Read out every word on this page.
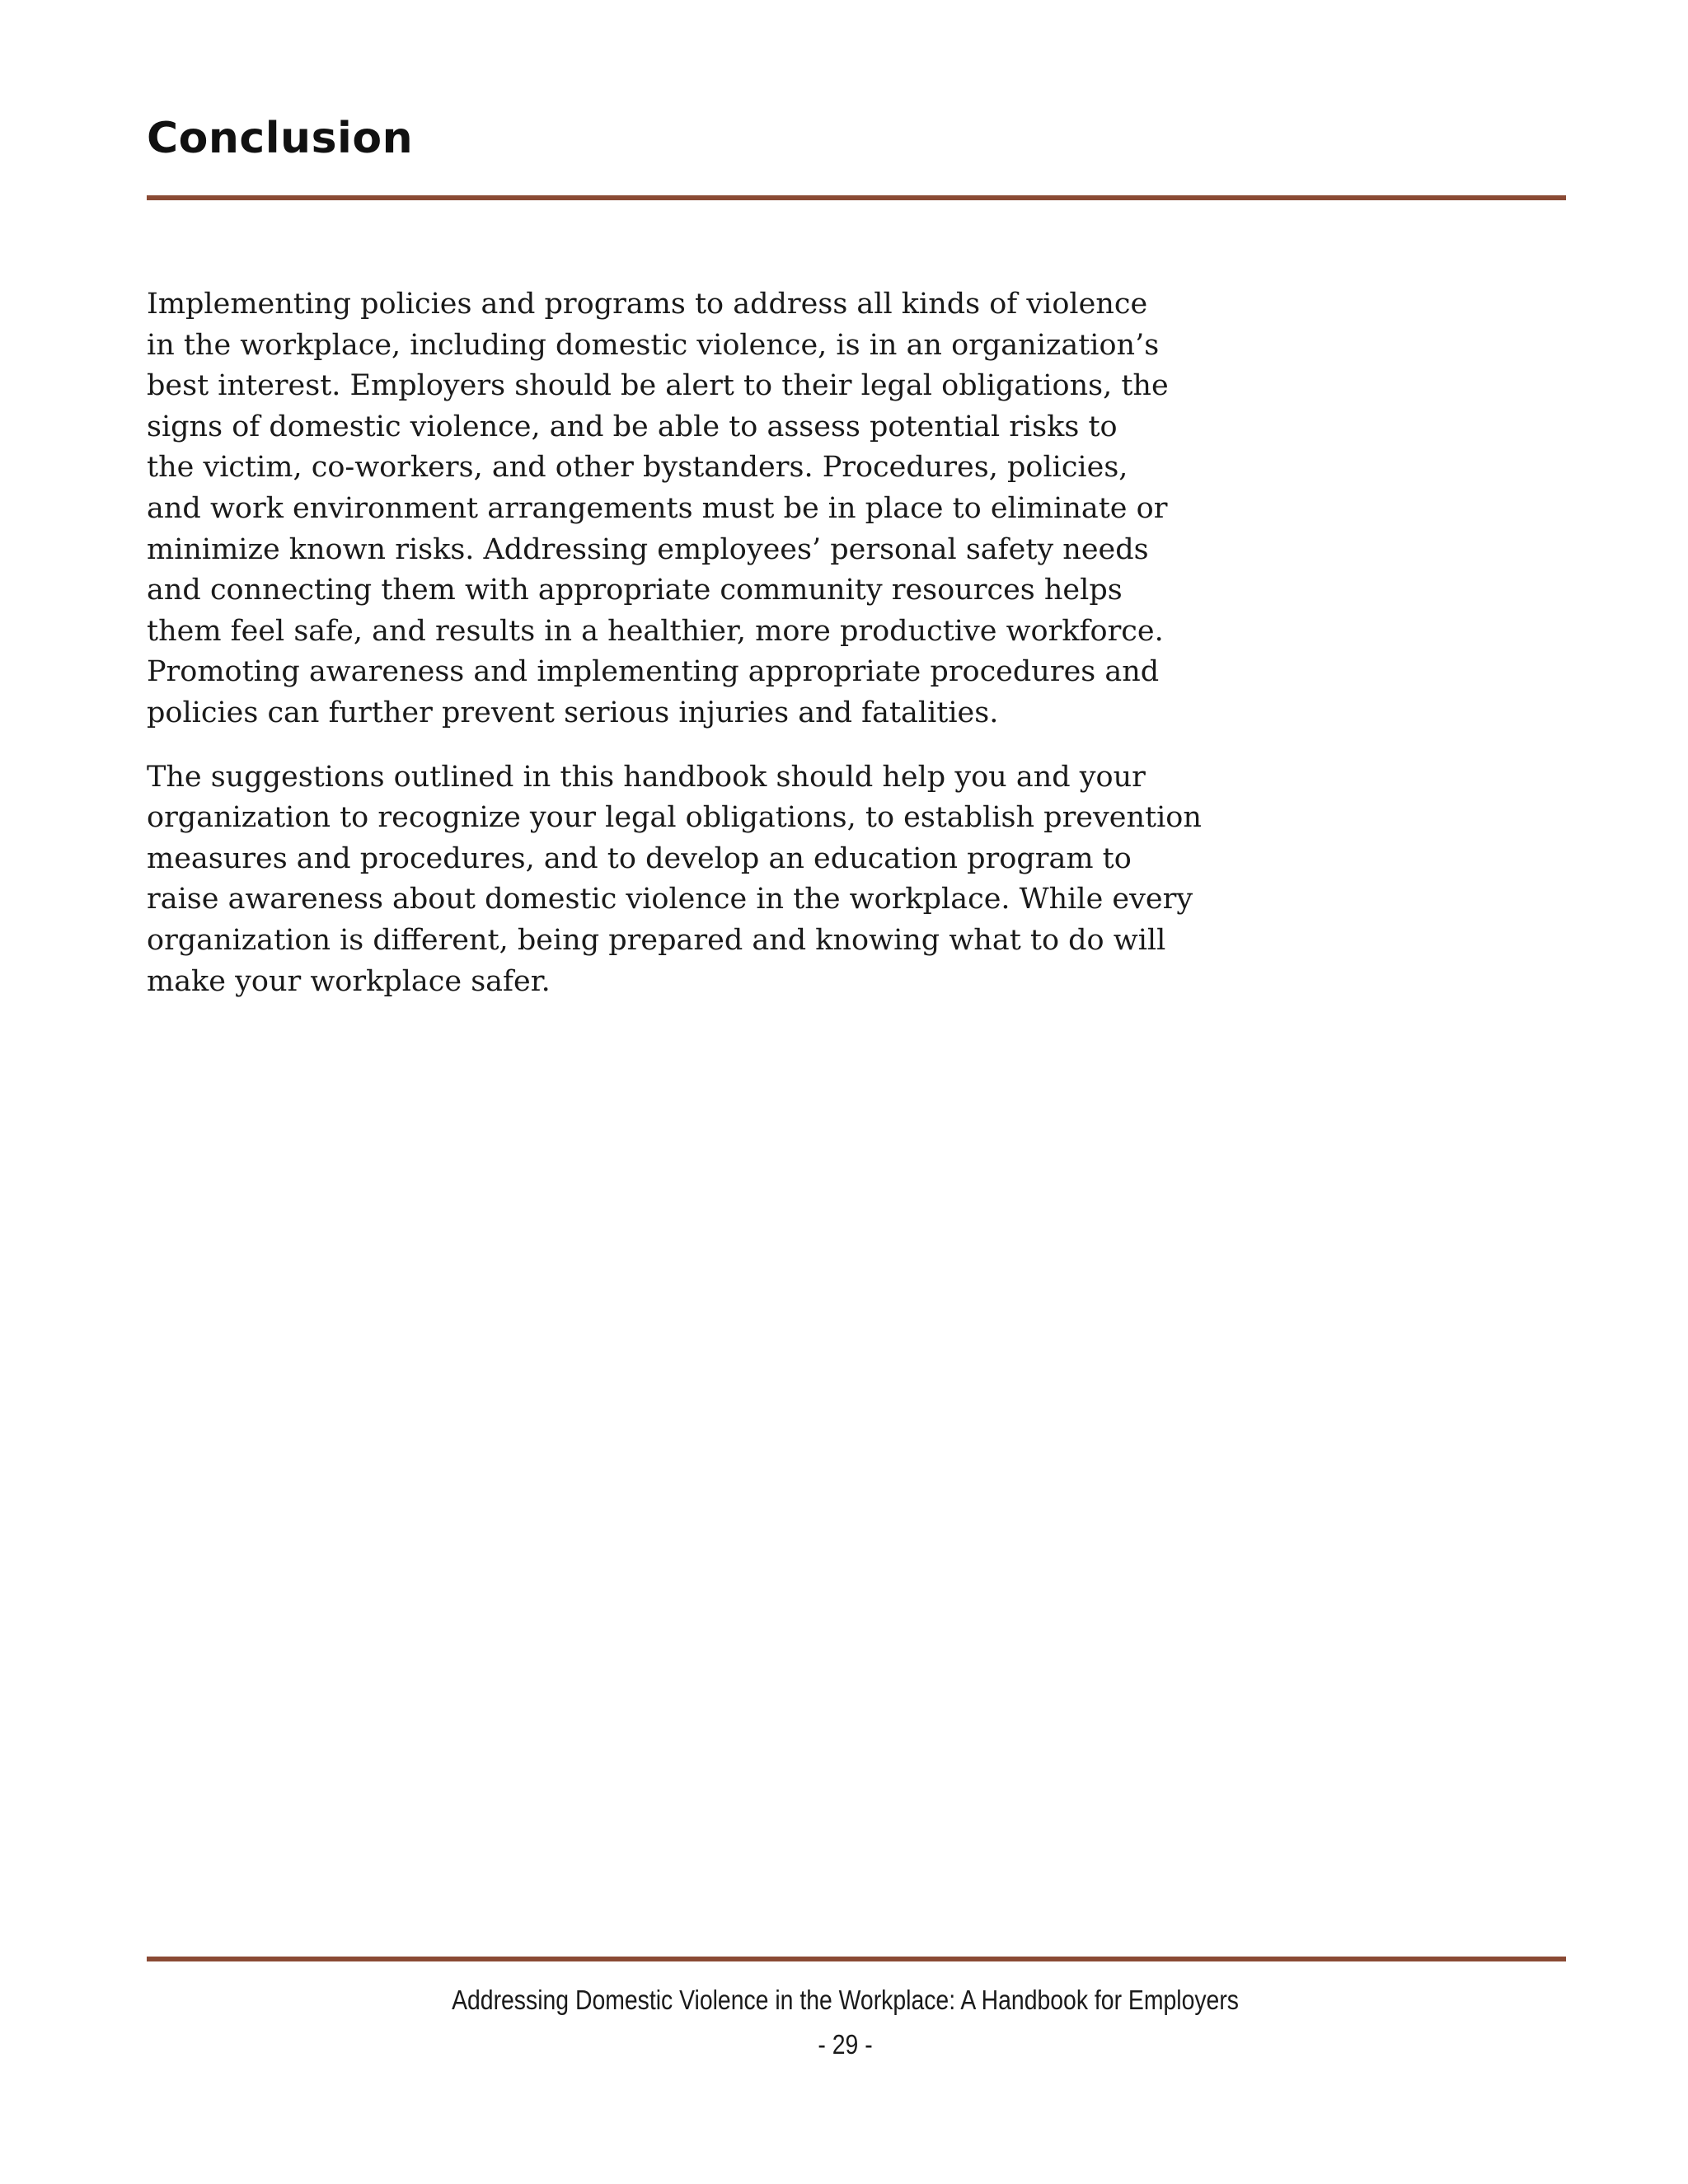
Conclusion

Implementing policies and programs to address all kinds of violence
in the workplace, including domestic violence, is in an organization’s
best interest. Employers should be alert to their legal obligations, the
signs of domestic violence, and be able to assess potential risks to
the victim, co-workers, and other bystanders. Procedures, policies,
and work environment arrangements must be in place to eliminate or
minimize known risks. Addressing employees’ personal safety needs
and connecting them with appropriate community resources helps
them feel safe, and results in a healthier, more productive workforce.
Promoting awareness and implementing appropriate procedures and
policies can further prevent serious injuries and fatalities.

The suggestions outlined in this handbook should help you and your
organization to recognize your legal obligations, to establish prevention
measures and procedures, and to develop an education program to
raise awareness about domestic violence in the workplace. While every
organization is different, being prepared and knowing what to do will
make your workplace safer.

Addressing Domestic Violence in the Workplace: A Handbook for Employers
- 29 -
